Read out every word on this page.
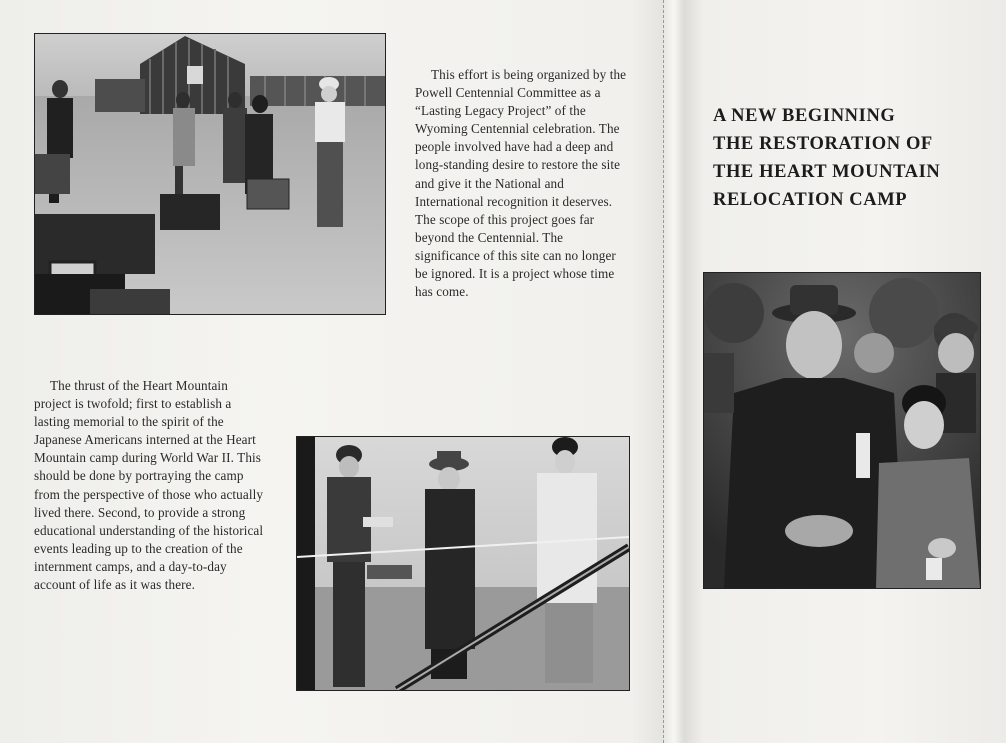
This effort is being organized by the Powell Centennial Committee as a “Lasting Legacy Project” of the Wyoming Centennial celebration. The people involved have had a deep and long-standing desire to restore the site and give it the National and International recognition it deserves. The scope of this project goes far beyond the Centennial. The significance of this site can no longer be ignored. It is a project whose time has come.

The thrust of the Heart Mountain project is twofold; first to establish a lasting memorial to the spirit of the Japanese Americans interned at the Heart Mountain camp during World War II. This should be done by portraying the camp from the perspective of those who actually lived there. Second, to provide a strong educational understanding of the historical events leading up to the creation of the internment camps, and a day-to-day account of life as it was there.

A NEW BEGINNING
THE RESTORATION OF
THE HEART MOUNTAIN
RELOCATION CAMP
